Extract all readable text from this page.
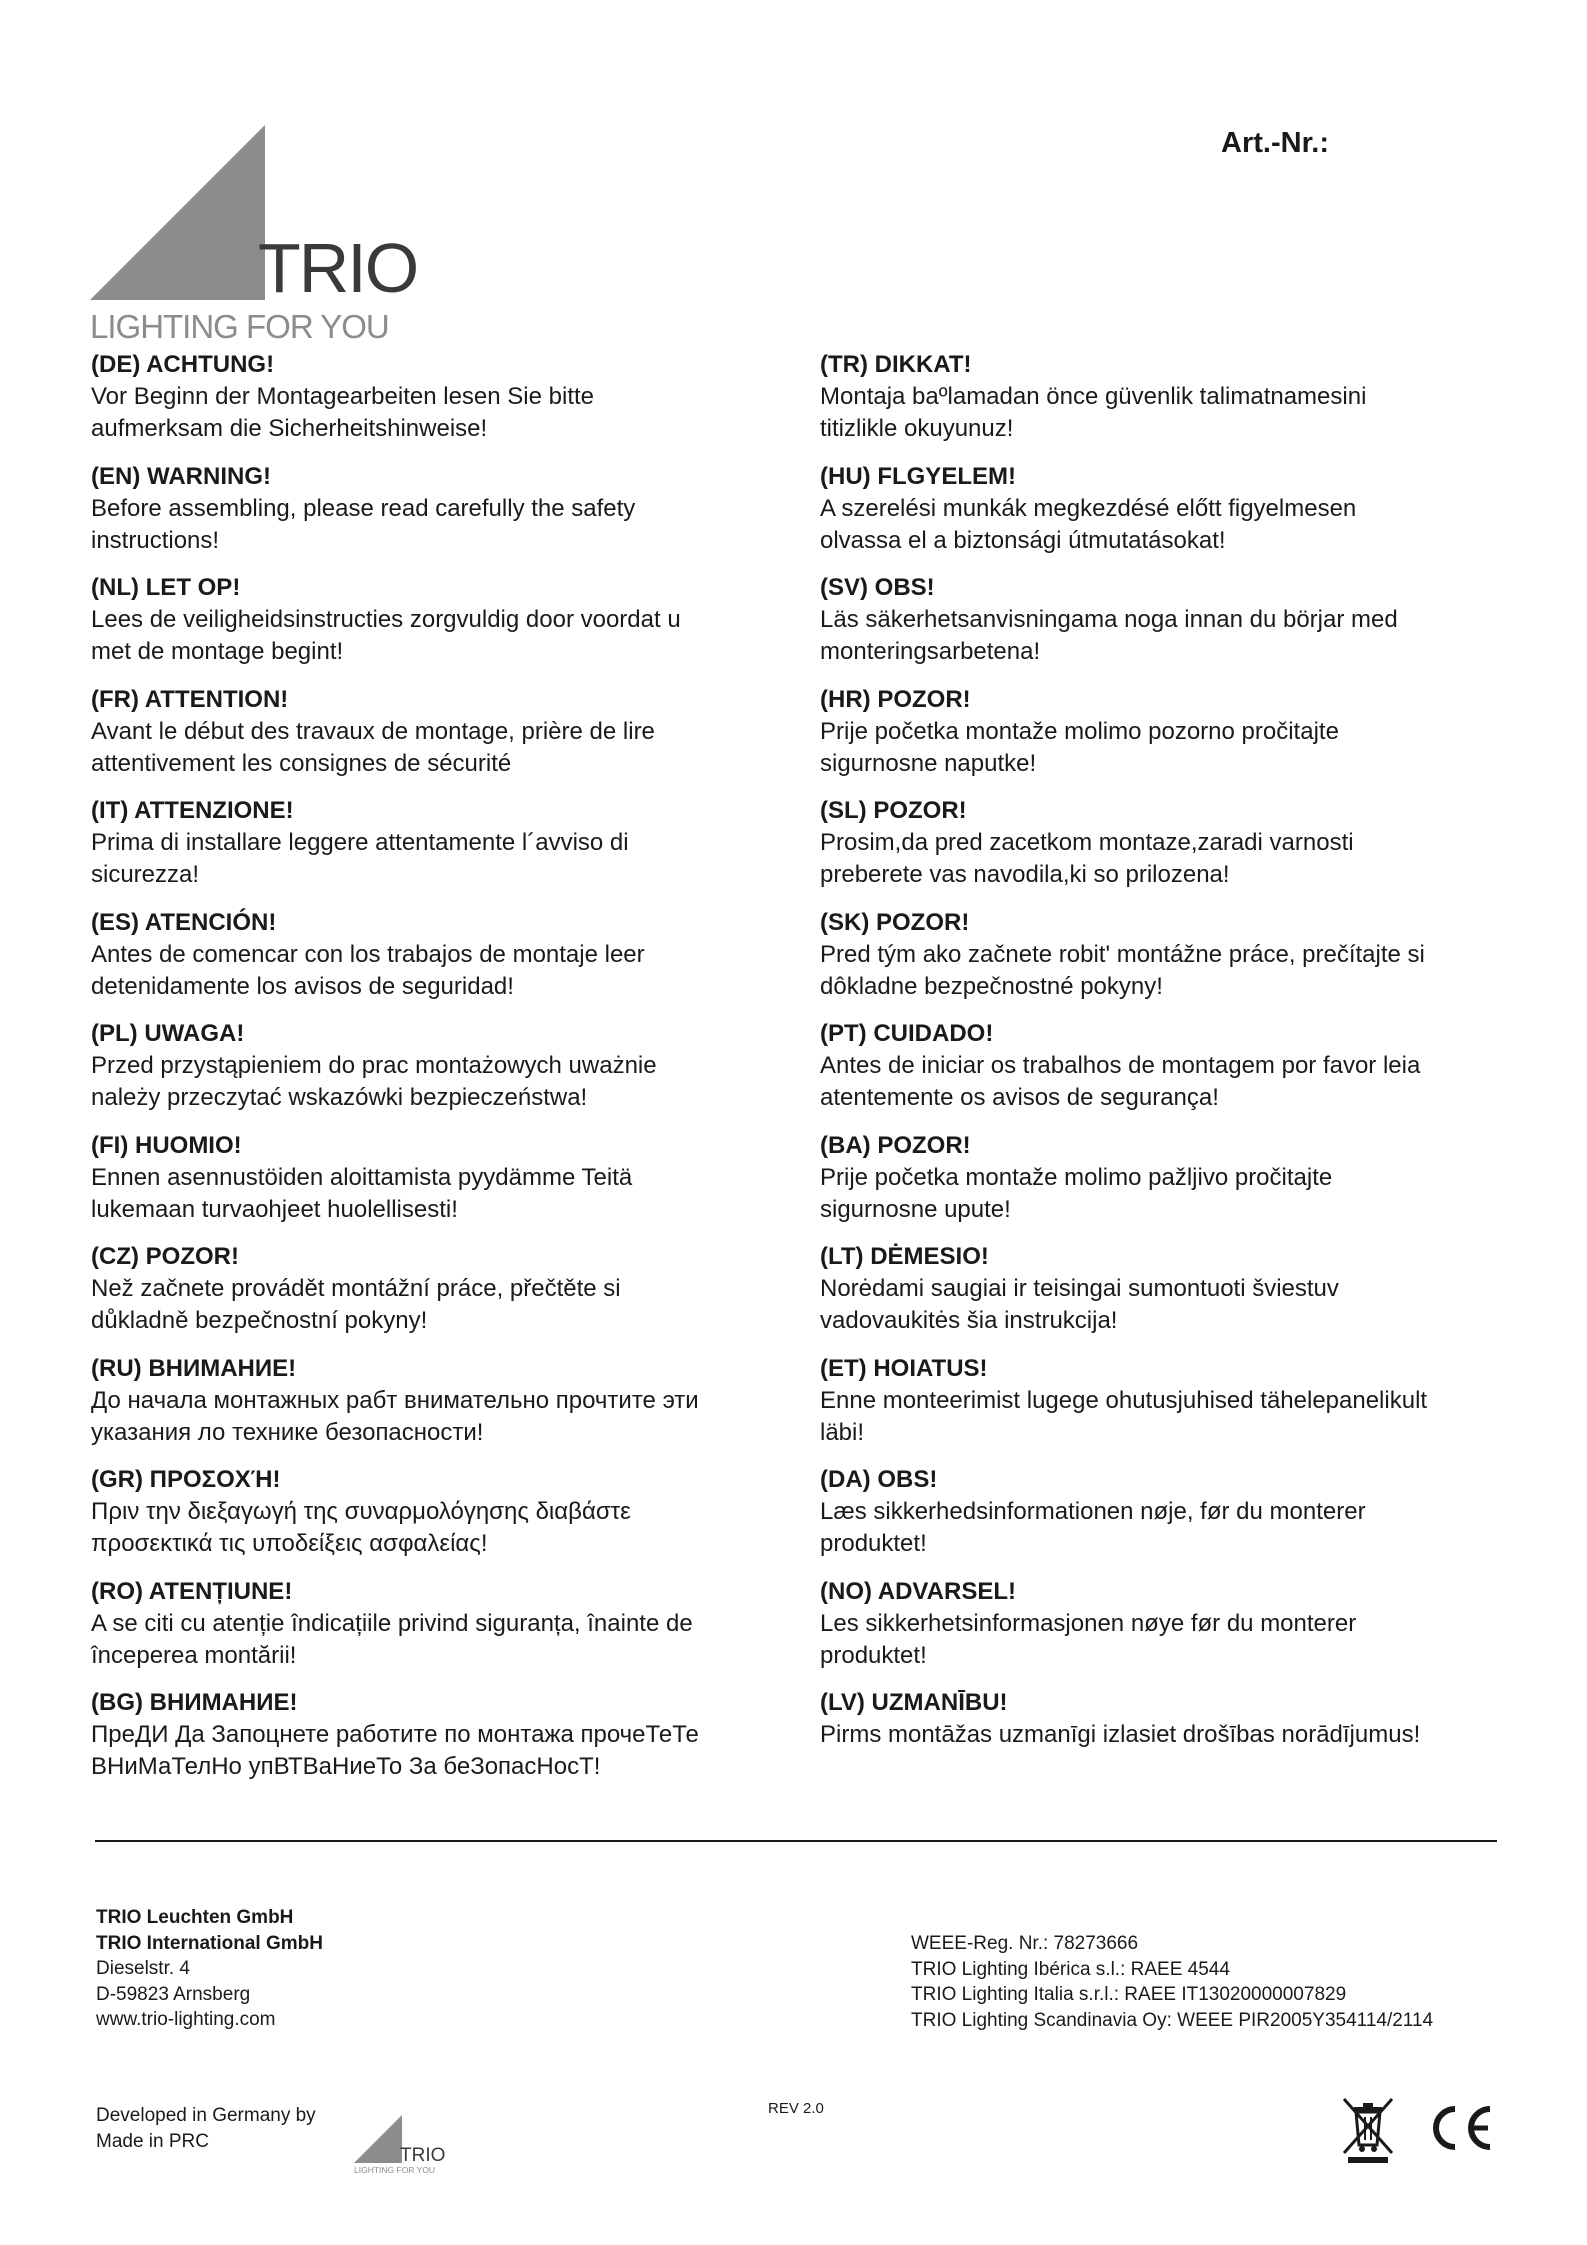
TRIO
LIGHTING FOR YOU
Art.-Nr.:
(DE) ACHTUNG!

Vor Beginn der Montagearbeiten lesen Sie bitte

aufmerksam die Sicherheitshinweise!

(EN) WARNING!

Before assembling, please read carefully the safety

instructions!

(NL) LET OP!

Lees de veiligheidsinstructies zorgvuldig door voordat u

met de montage begint!

(FR) ATTENTION!

Avant le début des travaux de montage, prière de lire

attentivement les consignes de sécurité

(IT) ATTENZIONE!

Prima di installare leggere attentamente l´avviso di

sicurezza!

(ES) ATENCIÓN!

Antes de comencar con los trabajos de montaje leer

detenidamente los avisos de seguridad!

(PL) UWAGA!

Przed przystąpieniem do prac montażowych uważnie

należy przeczytać wskazówki bezpieczeństwa!

(FI) HUOMIO!

Ennen asennustöiden aloittamista pyydämme Teitä

lukemaan turvaohjeet huolellisesti!

(CZ) POZOR!

Než začnete provádět montážní práce, přečtěte si

důkladně bezpečnostní pokyny!

(RU) ВНИМАНИЕ!

До начала монтажных рабт внимательно прочтите эти

указания ло технике безопасности!

(GR) ΠΡΟΣΟΧΉ!

Πριν την διεξαγωγή της συναρμολόγησης διαβάστε

προσεκτικά τις υποδείξεις ασφαλείας!

(RO) ATENȚIUNE!

A se citi cu atenție îndicațiile privind siguranța, înainte de

începerea montării!

(BG) ВНИМАНИЕ!

ПреДИ Да Запоцнете работите по монтажа прочеТеТе

ВНиМаТелНо упВТВаНиеТо За беЗопасНосТ!

(TR) DIKKAT!

Montaja baºlamadan önce güvenlik talimatnamesini

titizlikle okuyunuz!

(HU) FLGYELEM!

A szerelési munkák megkezdésé előtt figyelmesen

olvassa el a biztonsági útmutatásokat!

(SV) OBS!

Läs säkerhetsanvisningama noga innan du börjar med

monteringsarbetena!

(HR) POZOR!

Prije početka montaže molimo pozorno pročitajte

sigurnosne naputke!

(SL) POZOR!

Prosim,da pred zacetkom montaze,zaradi varnosti

preberete vas navodila,ki so prilozena!

(SK) POZOR!

Pred tým ako začnete robit' montážne práce, prečítajte si

dôkladne bezpečnostné pokyny!

(PT) CUIDADO!

Antes de iniciar os trabalhos de montagem por favor leia

atentemente os avisos de segurança!

(BA) POZOR!

Prije početka montaže molimo pažljivo pročitajte

sigurnosne upute!

(LT) DĖMESIO!

Norėdami saugiai ir teisingai sumontuoti šviestuv

vadovaukitės šia instrukcija!

(ET) HOIATUS!

Enne monteerimist lugege ohutusjuhised tähelepanelikult

läbi!

(DA) OBS!

Læs sikkerhedsinformationen nøje, før du monterer

produktet!

(NO) ADVARSEL!

Les sikkerhetsinformasjonen nøye før du monterer

produktet!

(LV) UZMANĪBU!

Pirms montāžas uzmanīgi izlasiet drošības norādījumus!

TRIO Leuchten GmbH
TRIO International GmbH
Dieselstr. 4
D-59823 Arnsberg
www.trio-lighting.com
WEEE-Reg. Nr.: 78273666
TRIO Lighting Ibérica s.l.: RAEE 4544
TRIO Lighting Italia s.r.l.: RAEE IT13020000007829
TRIO Lighting Scandinavia Oy: WEEE PIR2005Y354114/2114
Developed in Germany by
Made in PRC
TRIO
LIGHTING FOR YOU
REV 2.0
